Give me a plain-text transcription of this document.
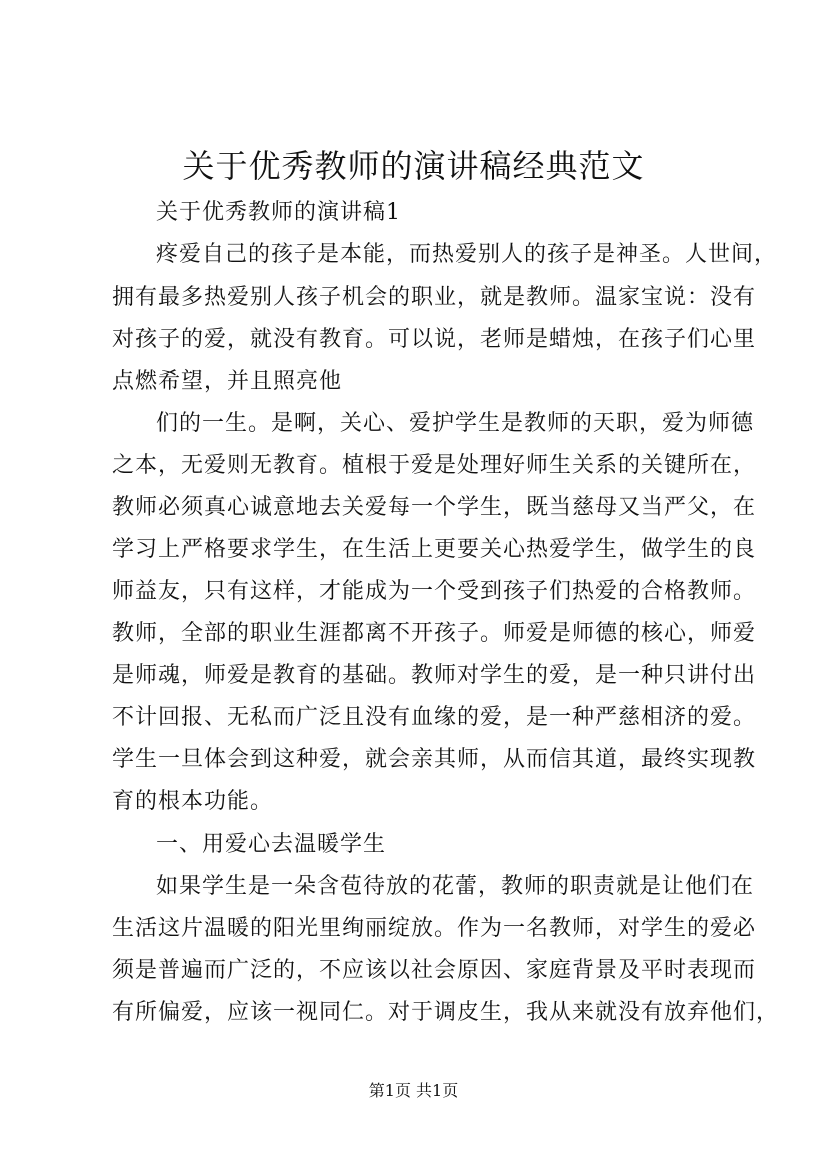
关于优秀教师的演讲稿经典范文

关于优秀教师的演讲稿1

疼爱自己的孩子是本能，而热爱别人的孩子是神圣。人世间，

拥有最多热爱别人孩子机会的职业，就是教师。温家宝说：没有

对孩子的爱，就没有教育。可以说，老师是蜡烛，在孩子们心里

点燃希望，并且照亮他

们的一生。是啊，关心、爱护学生是教师的天职，爱为师德

之本，无爱则无教育。植根于爱是处理好师生关系的关键所在，

教师必须真心诚意地去关爱每一个学生，既当慈母又当严父，在

学习上严格要求学生，在生活上更要关心热爱学生，做学生的良

师益友，只有这样，才能成为一个受到孩子们热爱的合格教师。

教师，全部的职业生涯都离不开孩子。师爱是师德的核心，师爱

是师魂，师爱是教育的基础。教师对学生的爱，是一种只讲付出

不计回报、无私而广泛且没有血缘的爱，是一种严慈相济的爱。

学生一旦体会到这种爱，就会亲其师，从而信其道，最终实现教

育的根本功能。

一、用爱心去温暖学生

如果学生是一朵含苞待放的花蕾，教师的职责就是让他们在

生活这片温暖的阳光里绚丽绽放。作为一名教师，对学生的爱必

须是普遍而广泛的，不应该以社会原因、家庭背景及平时表现而

有所偏爱，应该一视同仁。对于调皮生，我从来就没有放弃他们，

第1页 共1页
